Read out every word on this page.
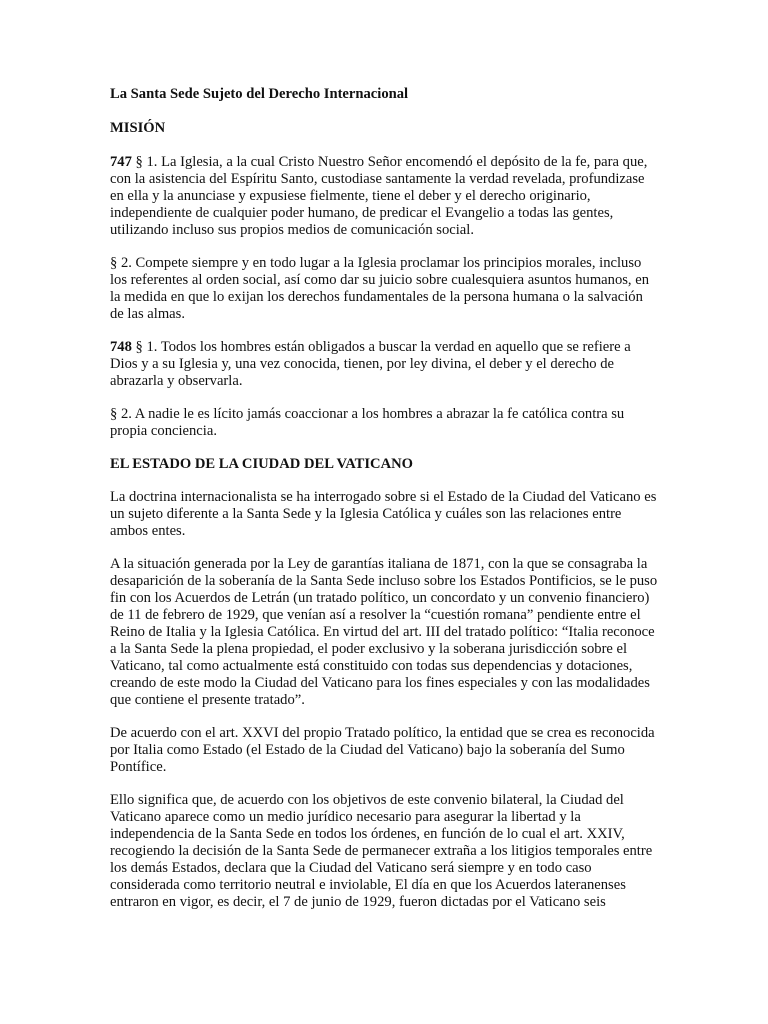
La Santa Sede Sujeto del Derecho Internacional

MISIÓN

747 § 1. La Iglesia, a la cual Cristo Nuestro Señor encomendó el depósito de la fe, para que, con la asistencia del Espíritu Santo, custodiase santamente la verdad revelada, profundizase en ella y la anunciase y expusiese fielmente, tiene el deber y el derecho originario, independiente de cualquier poder humano, de predicar el Evangelio a todas las gentes, utilizando incluso sus propios medios de comunicación social.

§ 2. Compete siempre y en todo lugar a la Iglesia proclamar los principios morales, incluso los referentes al orden social, así como dar su juicio sobre cualesquiera asuntos humanos, en la medida en que lo exijan los derechos fundamentales de la persona humana o la salvación de las almas.

748 § 1. Todos los hombres están obligados a buscar la verdad en aquello que se refiere a Dios y a su Iglesia y, una vez conocida, tienen, por ley divina, el deber y el derecho de abrazarla y observarla.

§ 2. A nadie le es lícito jamás coaccionar a los hombres a abrazar la fe católica contra su propia conciencia.

EL ESTADO DE LA CIUDAD DEL VATICANO

La doctrina internacionalista se ha interrogado sobre si el Estado de la Ciudad del Vaticano es un sujeto diferente a la Santa Sede y la Iglesia Católica y cuáles son las relaciones entre ambos entes.

A la situación generada por la Ley de garantías italiana de 1871, con la que se consagraba la desaparición de la soberanía de la Santa Sede incluso sobre los Estados Pontificios, se le puso fin con los Acuerdos de Letrán (un tratado político, un concordato y un convenio financiero) de 11 de febrero de 1929, que venían así a resolver la “cuestión romana” pendiente entre el Reino de Italia y la Iglesia Católica. En virtud del art. III del tratado político: “Italia reconoce a la Santa Sede la plena propiedad, el poder exclusivo y la soberana jurisdicción sobre el Vaticano, tal como actualmente está constituido con todas sus dependencias y dotaciones, creando de este modo la Ciudad del Vaticano para los fines especiales y con las modalidades que contiene el presente tratado”.

De acuerdo con el art. XXVI del propio Tratado político, la entidad que se crea es reconocida por Italia como Estado (el Estado de la Ciudad del Vaticano) bajo la soberanía del Sumo Pontífice.

Ello significa que, de acuerdo con los objetivos de este convenio bilateral, la Ciudad del Vaticano aparece como un medio jurídico necesario para asegurar la libertad y la independencia de la Santa Sede en todos los órdenes, en función de lo cual el art. XXIV, recogiendo la decisión de la Santa Sede de permanecer extraña a los litigios temporales entre los demás Estados, declara que la Ciudad del Vaticano será siempre y en todo caso considerada como territorio neutral e inviolable, El día en que los Acuerdos lateranenses entraron en vigor, es decir, el 7 de junio de 1929, fueron dictadas por el Vaticano seis
